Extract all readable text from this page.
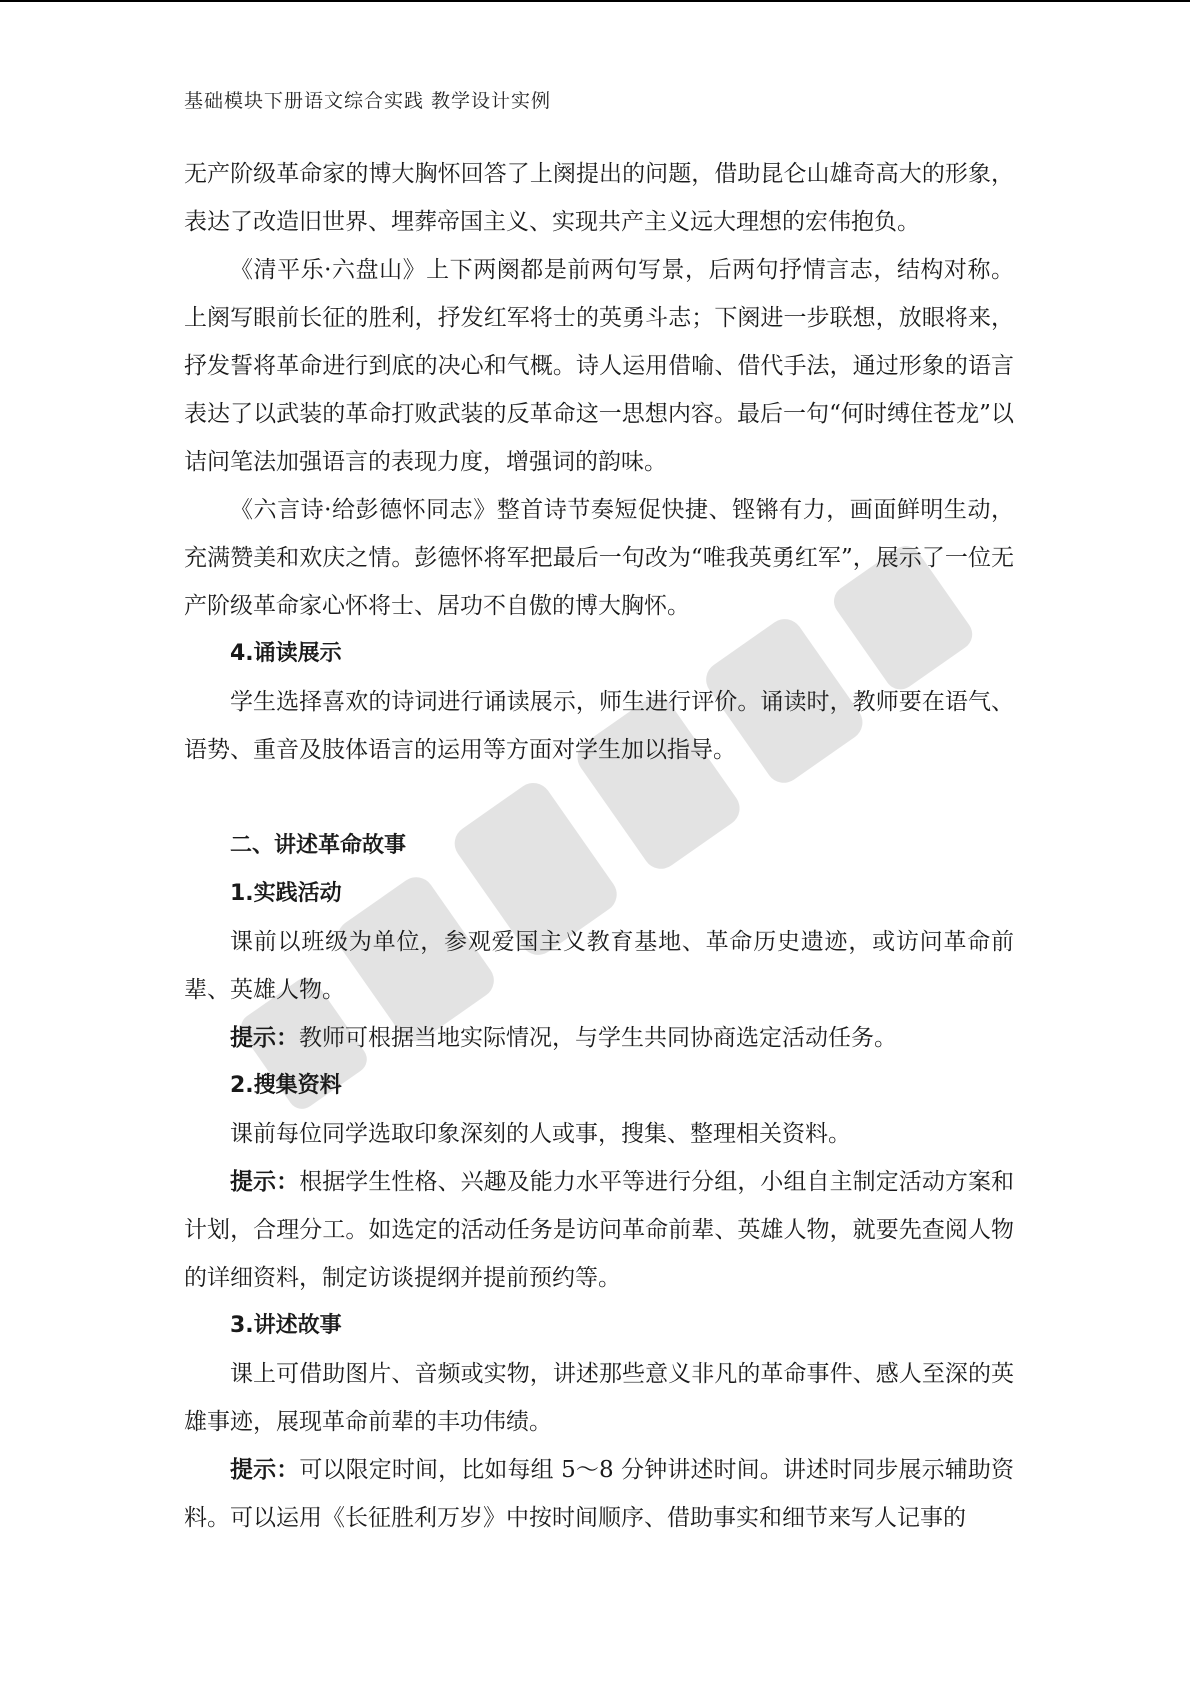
基础模块下册语文综合实践 教学设计实例

无产阶级革命家的博大胸怀回答了上阕提出的问题，借助昆仑山雄奇高大的形象，表达了改造旧世界、埋葬帝国主义、实现共产主义远大理想的宏伟抱负。

《清平乐·六盘山》上下两阕都是前两句写景，后两句抒情言志，结构对称。上阕写眼前长征的胜利，抒发红军将士的英勇斗志；下阕进一步联想，放眼将来，抒发誓将革命进行到底的决心和气概。诗人运用借喻、借代手法，通过形象的语言表达了以武装的革命打败武装的反革命这一思想内容。最后一句“何时缚住苍龙”以诘问笔法加强语言的表现力度，增强词的韵味。

《六言诗·给彭德怀同志》整首诗节奏短促快捷、铿锵有力，画面鲜明生动，充满赞美和欢庆之情。彭德怀将军把最后一句改为“唯我英勇红军”，展示了一位无产阶级革命家心怀将士、居功不自傲的博大胸怀。

4.诵读展示

学生选择喜欢的诗词进行诵读展示，师生进行评价。诵读时，教师要在语气、语势、重音及肢体语言的运用等方面对学生加以指导。

二、讲述革命故事

1.实践活动

课前以班级为单位，参观爱国主义教育基地、革命历史遗迹，或访问革命前辈、英雄人物。

提示：教师可根据当地实际情况，与学生共同协商选定活动任务。

2.搜集资料

课前每位同学选取印象深刻的人或事，搜集、整理相关资料。

提示：根据学生性格、兴趣及能力水平等进行分组，小组自主制定活动方案和计划，合理分工。如选定的活动任务是访问革命前辈、英雄人物，就要先查阅人物的详细资料，制定访谈提纲并提前预约等。

3.讲述故事

课上可借助图片、音频或实物，讲述那些意义非凡的革命事件、感人至深的英雄事迹，展现革命前辈的丰功伟绩。

提示：可以限定时间，比如每组 5～8 分钟讲述时间。讲述时同步展示辅助资料。可以运用《长征胜利万岁》中按时间顺序、借助事实和细节来写人记事的
